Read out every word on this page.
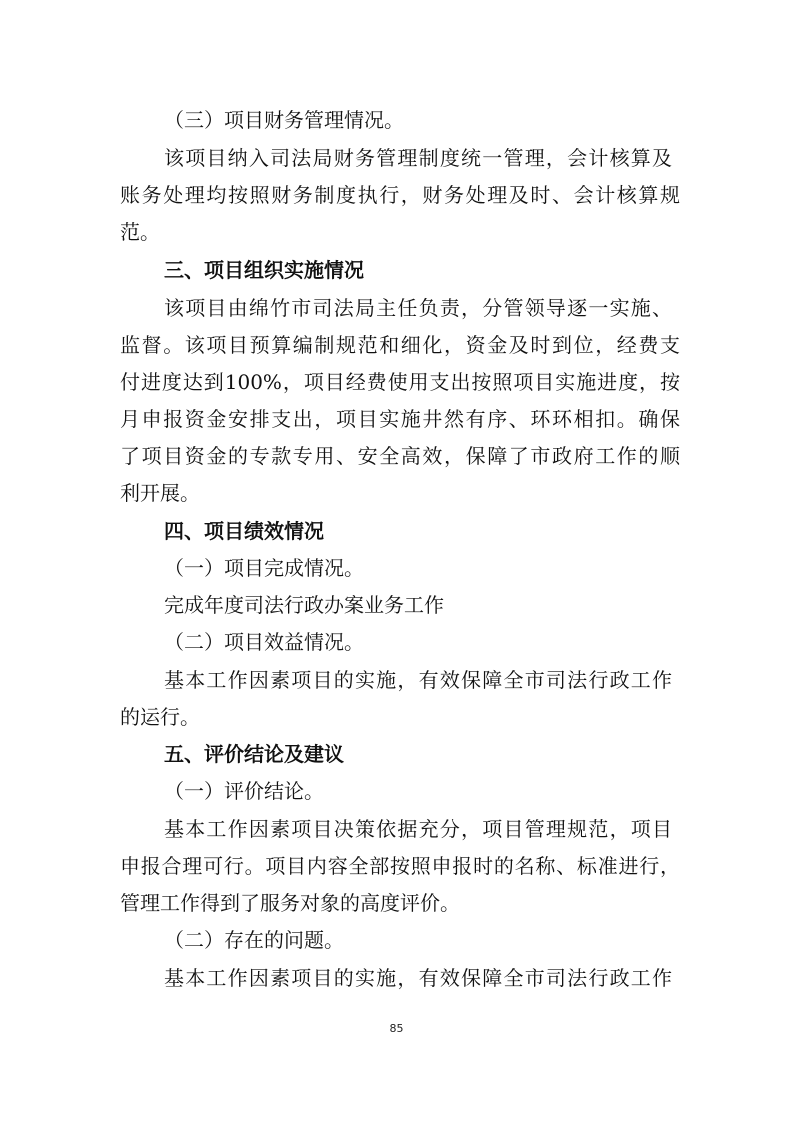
（三）项目财务管理情况。
该项目纳入司法局财务管理制度统一管理，会计核算及
账务处理均按照财务制度执行，财务处理及时、会计核算规
范。
三、项目组织实施情况
该项目由绵竹市司法局主任负责，分管领导逐一实施、
监督。该项目预算编制规范和细化，资金及时到位，经费支
付进度达到100%，项目经费使用支出按照项目实施进度，按
月申报资金安排支出，项目实施井然有序、环环相扣。确保
了项目资金的专款专用、安全高效，保障了市政府工作的顺
利开展。
四、项目绩效情况
（一）项目完成情况。
完成年度司法行政办案业务工作
（二）项目效益情况。
基本工作因素项目的实施，有效保障全市司法行政工作
的运行。
五、评价结论及建议
（一）评价结论。
基本工作因素项目决策依据充分，项目管理规范，项目
申报合理可行。项目内容全部按照申报时的名称、标准进行，
管理工作得到了服务对象的高度评价。
（二）存在的问题。
基本工作因素项目的实施，有效保障全市司法行政工作
85
